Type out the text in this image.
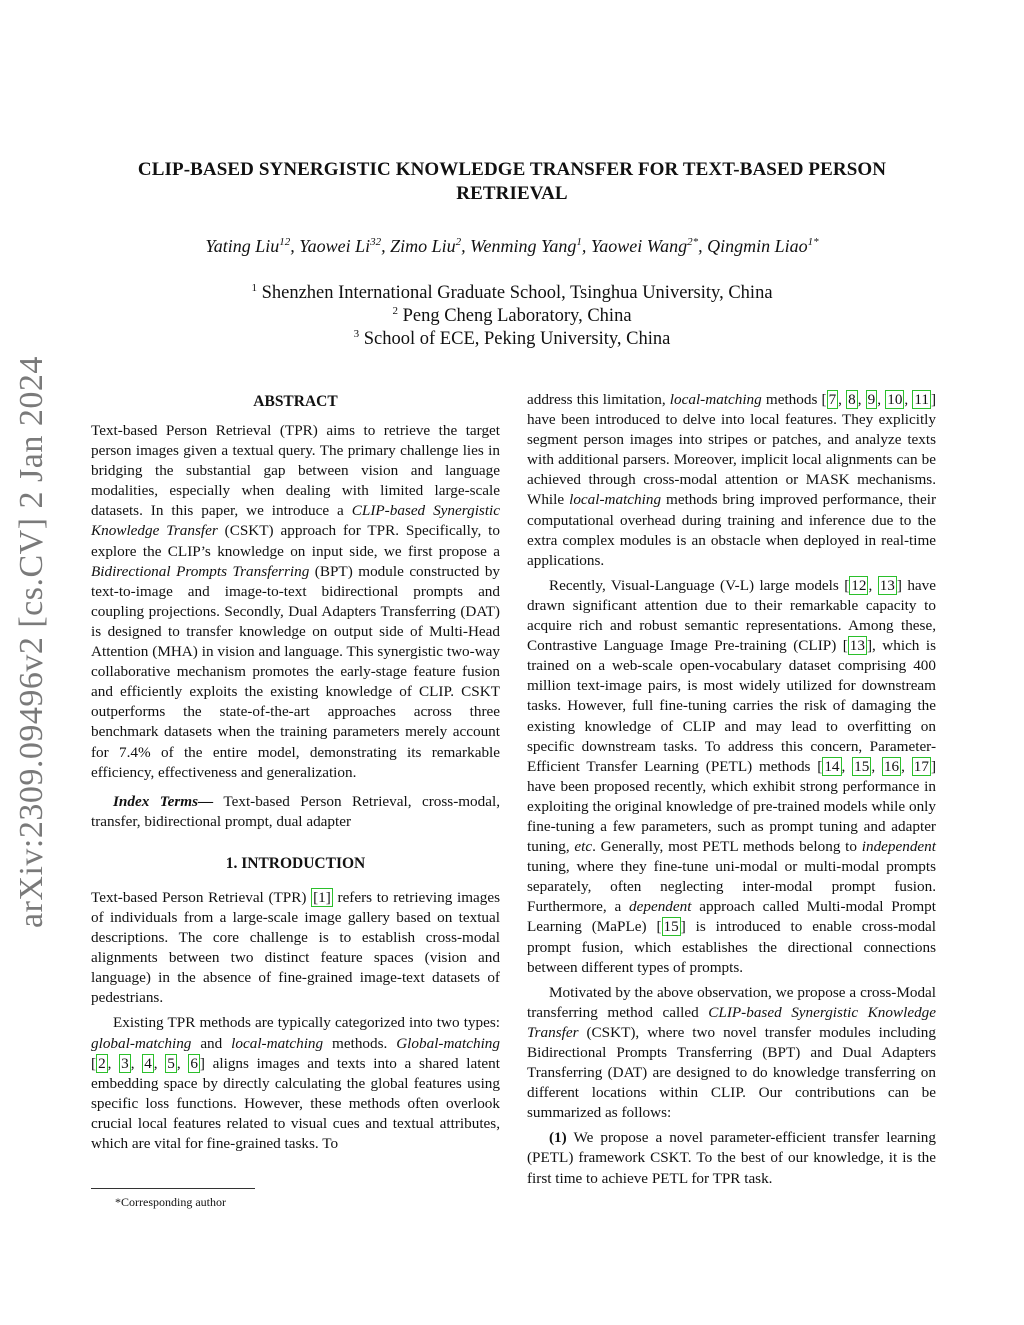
CLIP-BASED SYNERGISTIC KNOWLEDGE TRANSFER FOR TEXT-BASED PERSON
RETRIEVAL
Yating Liu$^{12}$, Yaowei Li$^{32}$, Zimo Liu$^2$, Wenming Yang$^1$, Yaowei Wang$^{2*}$, Qingmin Liao$^{1*}$
$^1$ Shenzhen International Graduate School, Tsinghua University, China
$^2$ Peng Cheng Laboratory, China
$^3$ School of ECE, Peking University, China
arXiv:2309.09496v2 [cs.CV] 2 Jan 2024	ABSTRACT

Text-based Person Retrieval (TPR) aims to retrieve the target person images given a textual query. The primary challenge lies in bridging the substantial gap between vision and language modalities, especially when dealing with limited large-scale datasets. In this paper, we introduce a CLIP-based Synergistic Knowledge Transfer (CSKT) approach for TPR. Specifically, to explore the CLIP’s knowledge on input side, we first propose a Bidirectional Prompts Transferring (BPT) module constructed by text-to-image and image-to-text bidirectional prompts and coupling projections. Secondly, Dual Adapters Transferring (DAT) is designed to transfer knowledge on output side of Multi-Head Attention (MHA) in vision and language. This synergistic two-way collaborative mechanism promotes the early-stage feature fusion and efficiently exploits the existing knowledge of CLIP. CSKT outperforms the state-of-the-art approaches across three benchmark datasets when the training parameters merely account for 7.4% of the entire model, demonstrating its remarkable efficiency, effectiveness and generalization.

Index Terms— Text-based Person Retrieval, cross-modal, transfer, bidirectional prompt, dual adapter

1. INTRODUCTION

Text-based Person Retrieval (TPR) [1] refers to retrieving images of individuals from a large-scale image gallery based on textual descriptions. The core challenge is to establish cross-modal alignments between two distinct feature spaces (vision and language) in the absence of fine-grained image-text datasets of pedestrians.

Existing TPR methods are typically categorized into two types: global-matching and local-matching methods. Global-matching [ 2 , 3 , 4 , 5 , 6 ] aligns images and texts into a shared latent embedding space by directly calculating the global features using specific loss functions. However, these methods often overlook crucial local features related to visual cues and textual attributes, which are vital for fine-grained tasks. To

address this limitation, local-matching methods [ 7 , 8 , 9 , 10 , 11 ] have been introduced to delve into local features. They explicitly segment person images into stripes or patches, and analyze texts with additional parsers. Moreover, implicit local alignments can be achieved through cross-modal attention or MASK mechanisms. While local-matching methods bring improved performance, their computational overhead during training and inference due to the extra complex modules is an obstacle when deployed in real-time applications.

Recently, Visual-Language (V-L) large models [ 12 , 13 ] have drawn significant attention due to their remarkable capacity to acquire rich and robust semantic representations. Among these, Contrastive Language Image Pre-training (CLIP) [ 13 ], which is trained on a web-scale open-vocabulary dataset comprising 400 million text-image pairs, is most widely utilized for downstream tasks. However, full fine-tuning carries the risk of damaging the existing knowledge of CLIP and may lead to overfitting on specific downstream tasks. To address this concern, Parameter-Efficient Transfer Learning (PETL) methods [ 14 , 15 , 16 , 17 ] have been proposed recently, which exhibit strong performance in exploiting the original knowledge of pre-trained models while only fine-tuning a few parameters, such as prompt tuning and adapter tuning, etc. Generally, most PETL methods belong to independent tuning, where they fine-tune uni-modal or multi-modal prompts separately, often neglecting inter-modal prompt fusion. Furthermore, a dependent approach called Multi-modal Prompt Learning (MaPLe) [ 15 ] is introduced to enable cross-modal prompt fusion, which establishes the directional connections between different types of prompts.

Motivated by the above observation, we propose a cross-Modal transferring method called CLIP-based Synergistic Knowledge Transfer (CSKT), where two novel transfer modules including Bidirectional Prompts Transferring (BPT) and Dual Adapters Transferring (DAT) are designed to do knowledge transferring on different locations within CLIP. Our contributions can be summarized as follows:

(1) We propose a novel parameter-efficient transfer learning (PETL) framework CSKT. To the best of our knowledge, it is the first time to achieve PETL for TPR task.

*Corresponding author
